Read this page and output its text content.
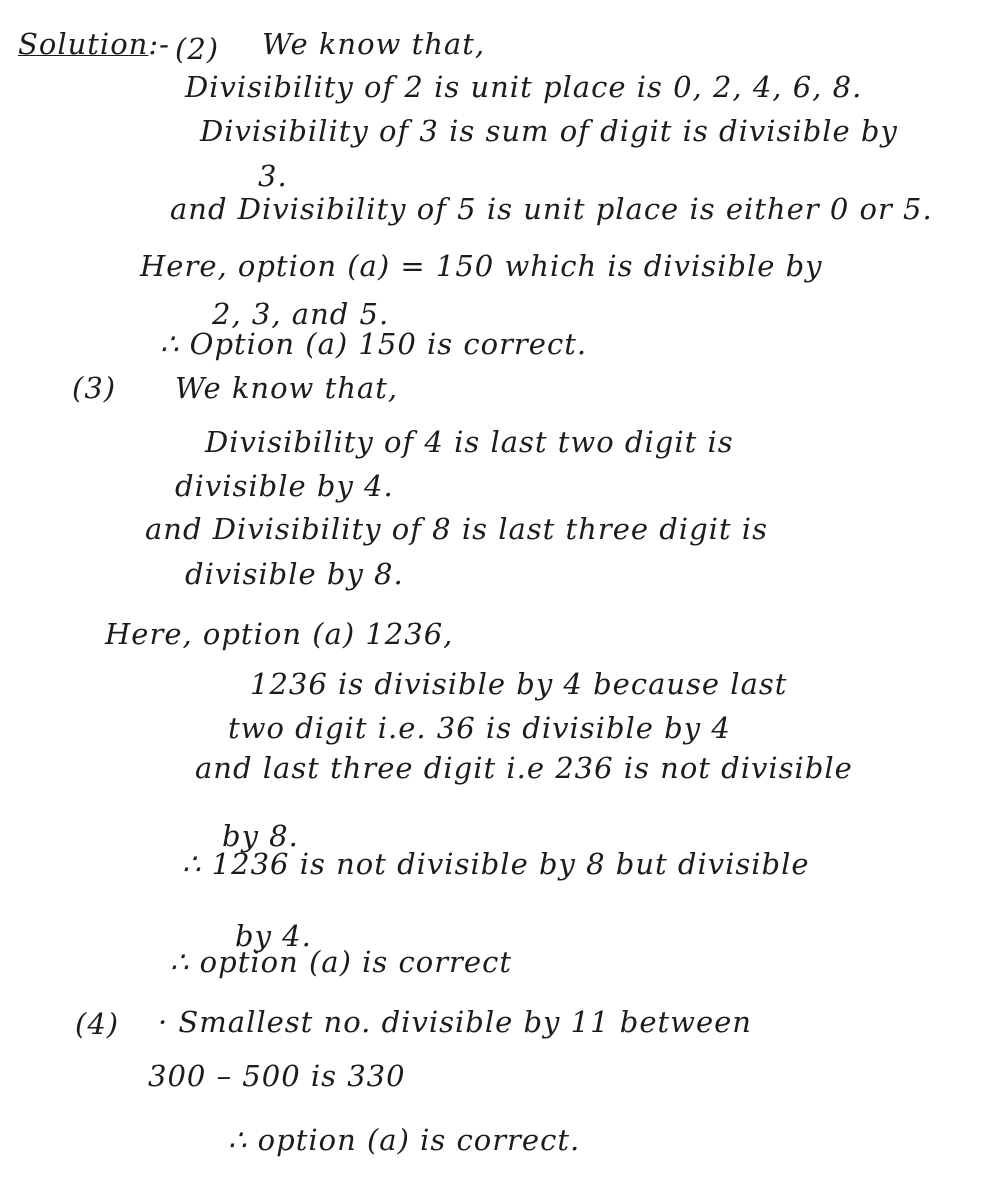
Solution:- (2) We know that,
Divisibility of 2 is unit place is 0, 2, 4, 6, 8.
Divisibility of 3 is sum of digit is divisible by
3.
and Divisibility of 5 is unit place is either 0 or 5.
Here, option (a) = 150 which is divisible by
2, 3, and 5.
∴ Option (a) 150 is correct.
(3) We know that,
Divisibility of 4 is last two digit is
divisible by 4.
and Divisibility of 8 is last three digit is
divisible by 8.
Here, option (a) 1236,
1236 is divisible by 4 because last
two digit i.e. 36 is divisible by 4
and last three digit i.e 236 is not divisible
by 8.
∴ 1236 is not divisible by 8 but divisible
by 4.
∴ option (a) is correct
(4) · Smallest no. divisible by 11 between
300 – 500 is 330
∴ option (a) is correct.
